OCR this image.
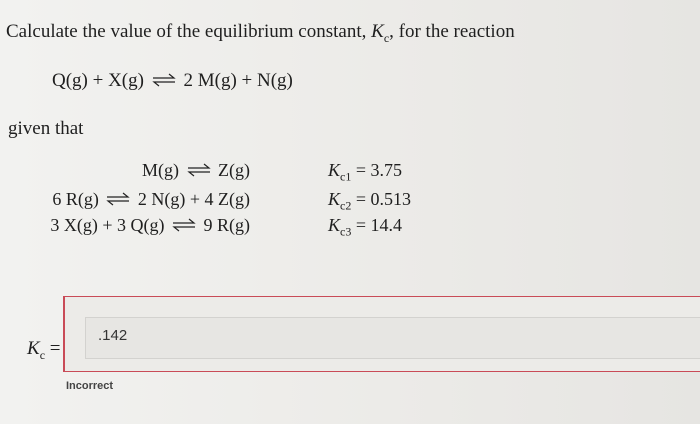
Calculate the value of the equilibrium constant, $K_c$, for the reaction
Q(g) + X(g) ⇌ 2 M(g) + N(g)
given that
M(g) ⇌ Z(g)
6 R(g) ⇌ 2 N(g) + 4 Z(g)
3 X(g) + 3 Q(g) ⇌ 9 R(g)
$K_{c1} = 3.75$
$K_{c2} = 0.513$
$K_{c3} = 14.4$
$K_c$ =
.142
Incorrect
